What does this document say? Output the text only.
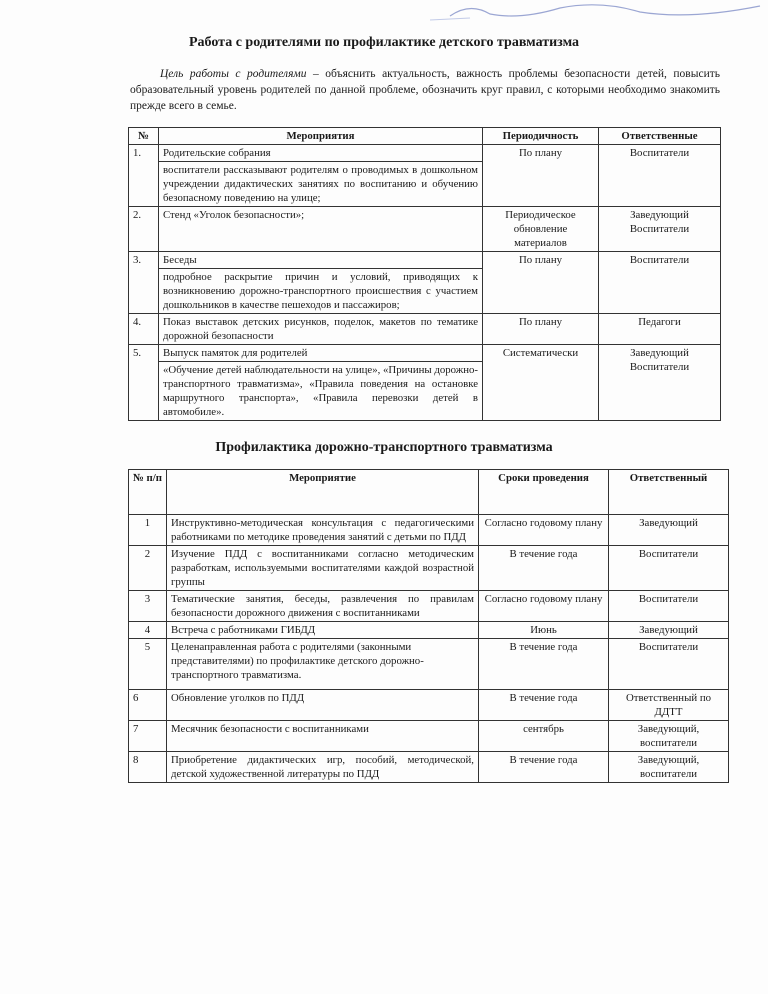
Работа с родителями по профилактике детского травматизма
Цель работы с родителями – объяснить актуальность, важность проблемы безопасности детей, повысить образовательный уровень родителей по данной проблеме, обозначить круг правил, с которыми необходимо знакомить прежде всего в семье.
№	Мероприятия	Периодичность	Ответственные
1.	Родительские собрания	По плану	Воспитатели
	воспитатели рассказывают родителям о проводимых в дошкольном учреждении дидактических занятиях по воспитанию и обучению безопасному поведению на улице;		
2.	Стенд «Уголок безопасности»;	Периодическое обновление материалов	Заведующий Воспитатели
3.	Беседы	По плану	Воспитатели
	подробное раскрытие причин и условий, приводящих к возникновению дорожно-транспортного происшествия с участием дошкольников в качестве пешеходов и пассажиров;		
4.	Показ выставок детских рисунков, поделок, макетов по тематике дорожной безопасности	По плану	Педагоги
5.	Выпуск памяток для родителей	Систематически	Заведующий Воспитатели
	«Обучение детей наблюдательности на улице», «Причины дорожно-транспортного травматизма», «Правила поведения на остановке маршрутного транспорта», «Правила перевозки детей в автомобиле».		
Профилактика дорожно-транспортного травматизма
№ п/п	Мероприятие	Сроки проведения	Ответственный
1	Инструктивно-методическая консультация с педагогическими работниками по методике проведения занятий с детьми по ПДД	Согласно годовому плану	Заведующий
2	Изучение ПДД с воспитанниками согласно методическим разработкам, используемыми воспитателями каждой возрастной группы	В течение года	Воспитатели
3	Тематические занятия, беседы, развлечения по правилам безопасности дорожного движения с воспитанниками	Согласно годовому плану	Воспитатели
4	Встреча с работниками ГИБДД	Июнь	Заведующий
5	Целенаправленная работа с родителями (законными представителями) по профилактике детского дорожно-транспортного травматизма.	В течение года	Воспитатели
6	Обновление уголков по ПДД	В течение года	Ответственный по ДДТТ
7	Месячник безопасности с воспитанниками	сентябрь	Заведующий, воспитатели
8	Приобретение дидактических игр, пособий, методической, детской художественной литературы по ПДД	В течение года	Заведующий, воспитатели
